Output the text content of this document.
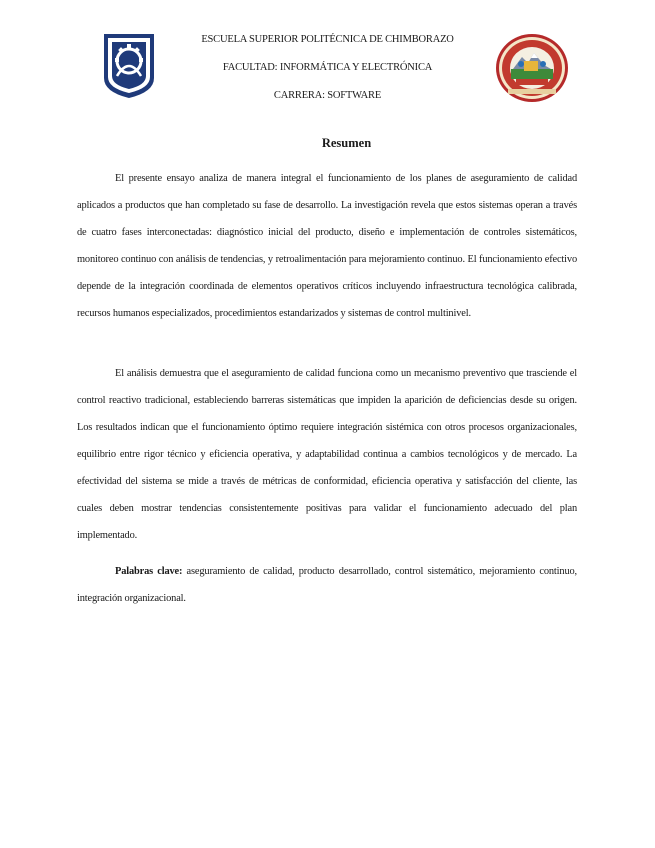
ESCUELA SUPERIOR POLITÉCNICA DE CHIMBORAZO
FACULTAD: INFORMÁTICA Y ELECTRÓNICA
CARRERA: SOFTWARE
Resumen

El presente ensayo analiza de manera integral el funcionamiento de los planes de aseguramiento de calidad aplicados a productos que han completado su fase de desarrollo. La investigación revela que estos sistemas operan a través de cuatro fases interconectadas: diagnóstico inicial del producto, diseño e implementación de controles sistemáticos, monitoreo continuo con análisis de tendencias, y retroalimentación para mejoramiento continuo. El funcionamiento efectivo depende de la integración coordinada de elementos operativos críticos incluyendo infraestructura tecnológica calibrada, recursos humanos especializados, procedimientos estandarizados y sistemas de control multinivel.

El análisis demuestra que el aseguramiento de calidad funciona como un mecanismo preventivo que trasciende el control reactivo tradicional, estableciendo barreras sistemáticas que impiden la aparición de deficiencias desde su origen. Los resultados indican que el funcionamiento óptimo requiere integración sistémica con otros procesos organizacionales, equilibrio entre rigor técnico y eficiencia operativa, y adaptabilidad continua a cambios tecnológicos y de mercado. La efectividad del sistema se mide a través de métricas de conformidad, eficiencia operativa y satisfacción del cliente, las cuales deben mostrar tendencias consistentemente positivas para validar el funcionamiento adecuado del plan implementado.

Palabras clave: aseguramiento de calidad, producto desarrollado, control sistemático, mejoramiento continuo, integración organizacional.
